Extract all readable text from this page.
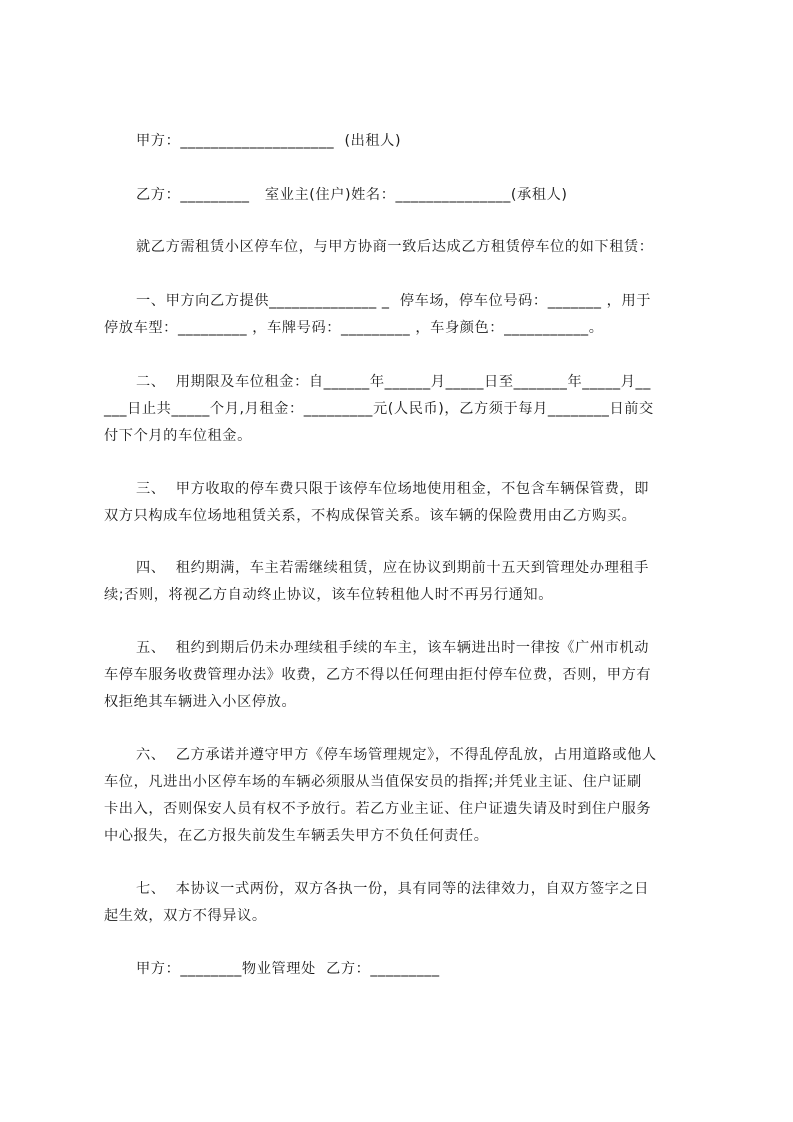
甲方：____________________  (出租人)
乙方：_________   室业主(住户)姓名：_______________(承租人)
就乙方需租赁小区停车位，与甲方协商一致后达成乙方租赁停车位的如下租赁：
一、甲方向乙方提供______________ _  停车场，停车位号码：_______ ，用于
停放车型：_________ ，车牌号码：_________ ，车身颜色：___________。
二、  用期限及车位租金：自______年______月_____日至_______年_____月__
___日止共_____个月,月租金：_________元(人民币)，乙方须于每月________日前交
付下个月的车位租金。
三、  甲方收取的停车费只限于该停车位场地使用租金，不包含车辆保管费，即
双方只构成车位场地租赁关系，不构成保管关系。该车辆的保险费用由乙方购买。
四、  租约期满，车主若需继续租赁，应在协议到期前十五天到管理处办理租手
续;否则，将视乙方自动终止协议，该车位转租他人时不再另行通知。
五、  租约到期后仍未办理续租手续的车主，该车辆进出时一律按《广州市机动
车停车服务收费管理办法》收费，乙方不得以任何理由拒付停车位费，否则，甲方有
权拒绝其车辆进入小区停放。
六、  乙方承诺并遵守甲方《停车场管理规定》，不得乱停乱放，占用道路或他人
车位，凡进出小区停车场的车辆必须服从当值保安员的指挥;并凭业主证、住户证刷
卡出入，否则保安人员有权不予放行。若乙方业主证、住户证遗失请及时到住户服务
中心报失，在乙方报失前发生车辆丢失甲方不负任何责任。
七、  本协议一式两份，双方各执一份，具有同等的法律效力，自双方签字之日
起生效，双方不得异议。
甲方：________物业管理处  乙方：_________
